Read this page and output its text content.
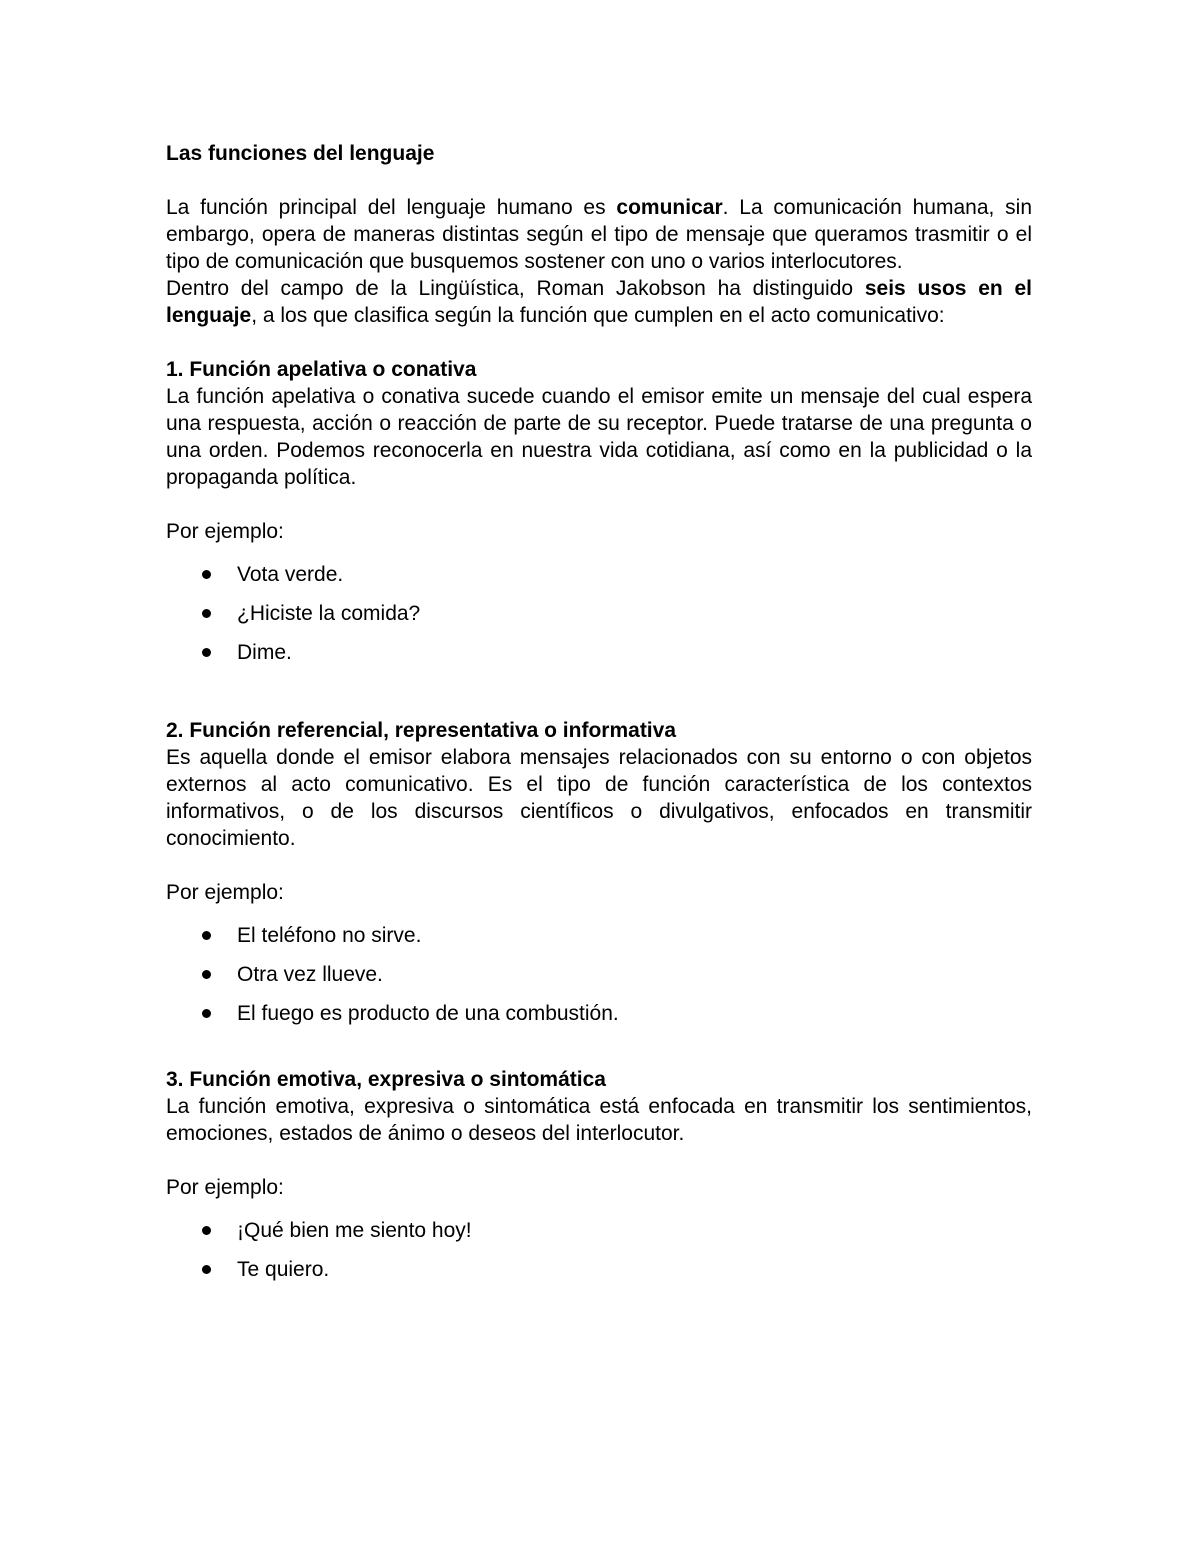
Las funciones del lenguaje

La función principal del lenguaje humano es comunicar. La comunicación humana, sin embargo, opera de maneras distintas según el tipo de mensaje que queramos trasmitir o el tipo de comunicación que busquemos sostener con uno o varios interlocutores.

Dentro del campo de la Lingüística, Roman Jakobson ha distinguido seis usos en el lenguaje, a los que clasifica según la función que cumplen en el acto comunicativo:

1. Función apelativa o conativa

La función apelativa o conativa sucede cuando el emisor emite un mensaje del cual espera una respuesta, acción o reacción de parte de su receptor. Puede tratarse de una pregunta o una orden. Podemos reconocerla en nuestra vida cotidiana, así como en la publicidad o la propaganda política.

Por ejemplo:
Vota verde.
¿Hiciste la comida?
Dime.
2. Función referencial, representativa o informativa

Es aquella donde el emisor elabora mensajes relacionados con su entorno o con objetos externos al acto comunicativo. Es el tipo de función característica de los contextos informativos, o de los discursos científicos o divulgativos, enfocados en transmitir conocimiento.

Por ejemplo:
El teléfono no sirve.
Otra vez llueve.
El fuego es producto de una combustión.
3. Función emotiva, expresiva o sintomática

La función emotiva, expresiva o sintomática está enfocada en transmitir los sentimientos, emociones, estados de ánimo o deseos del interlocutor.

Por ejemplo:
¡Qué bien me siento hoy!
Te quiero.
